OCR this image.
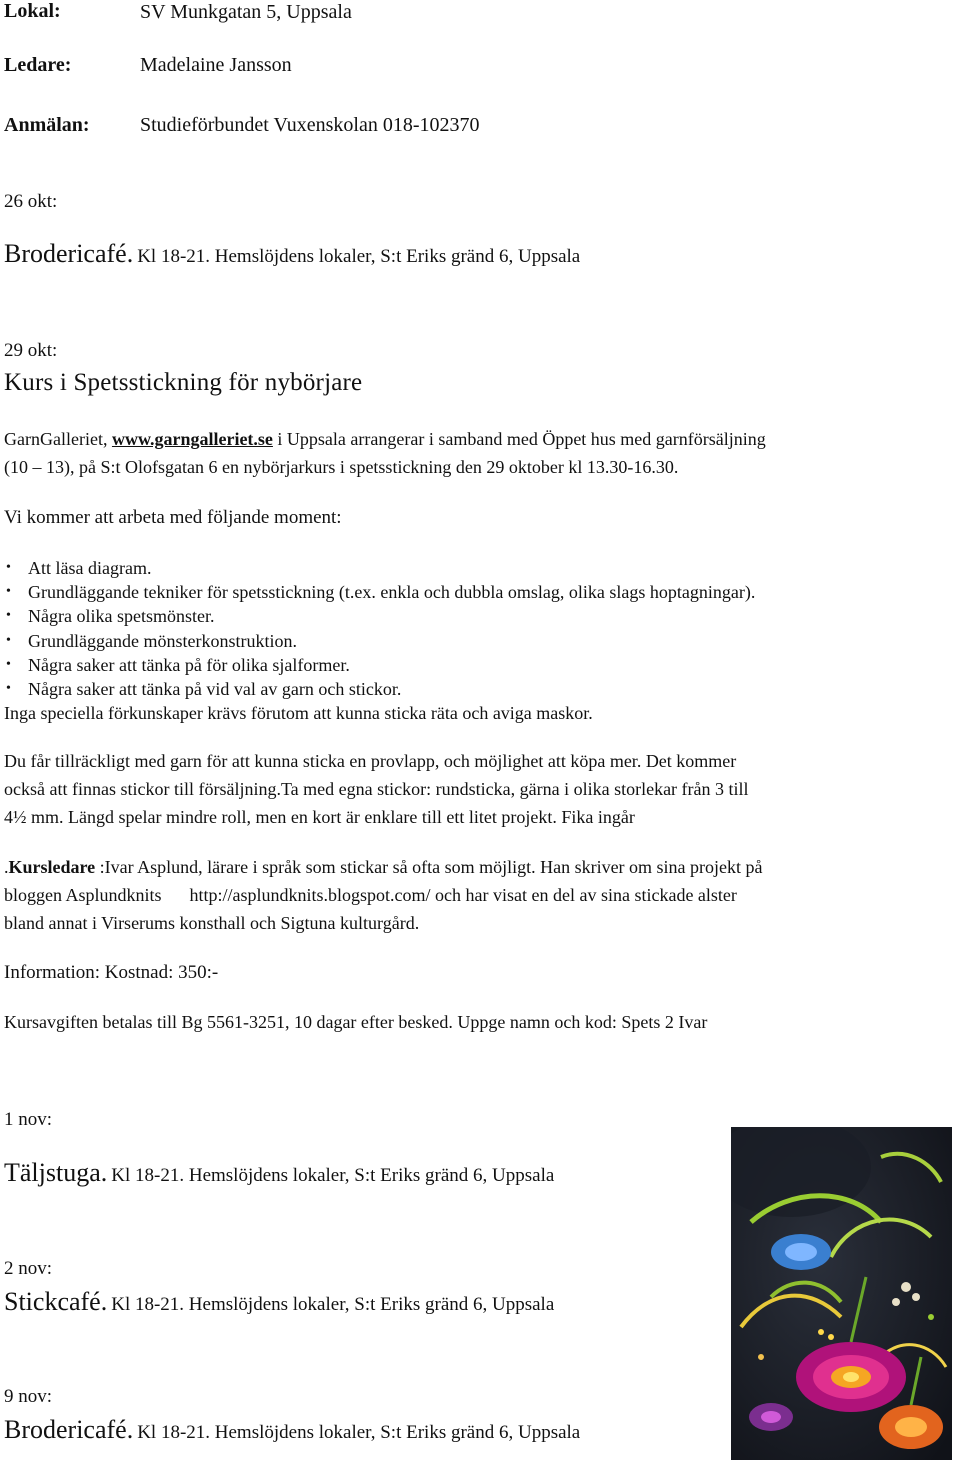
Lokal:	SV Munkgatan 5, Uppsala
Ledare:	Madelaine Jansson
Anmälan:	Studieförbundet Vuxenskolan 018-102370
26 okt:
Brodericafé. Kl 18-21. Hemslöjdens lokaler, S:t Eriks gränd 6, Uppsala
29 okt:
Kurs i Spetsstickning för nybörjare
GarnGalleriet, www.garngalleriet.se i Uppsala arrangerar i samband med Öppet hus med garnförsäljning
(10 – 13), på S:t Olofsgatan 6 en nybörjarkurs i spetsstickning den 29 oktober kl 13.30-16.30.
Vi kommer att arbeta med följande moment:
• Att läsa diagram.
• Grundläggande tekniker för spetsstickning (t.ex. enkla och dubbla omslag, olika slags hoptagningar).
• Några olika spetsmönster.
• Grundläggande mönsterkonstruktion.
• Några saker att tänka på för olika sjalformer.
• Några saker att tänka på vid val av garn och stickor.
Inga speciella förkunskaper krävs förutom att kunna sticka räta och aviga maskor.
Du får tillräckligt med garn för att kunna sticka en provlapp, och möjlighet att köpa mer. Det kommer
också att finnas stickor till försäljning.Ta med egna stickor: rundsticka, gärna i olika storlekar från 3 till
4½ mm. Längd spelar mindre roll, men en kort är enklare till ett litet projekt. Fika ingår
.Kursledare :Ivar Asplund, lärare i språk som stickar så ofta som möjligt. Han skriver om sina projekt på
bloggen Asplundknits http://asplundknits.blogspot.com/ och har visat en del av sina stickade alster
bland annat i Virserums konsthall och Sigtuna kulturgård.
Information: Kostnad: 350:-
Kursavgiften betalas till Bg 5561-3251, 10 dagar efter besked. Uppge namn och kod: Spets 2 Ivar
1 nov:
Täljstuga. Kl 18-21. Hemslöjdens lokaler, S:t Eriks gränd 6, Uppsala
2 nov:
Stickcafé. Kl 18-21. Hemslöjdens lokaler, S:t Eriks gränd 6, Uppsala
9 nov:
Brodericafé. Kl 18-21. Hemslöjdens lokaler, S:t Eriks gränd 6, Uppsala
